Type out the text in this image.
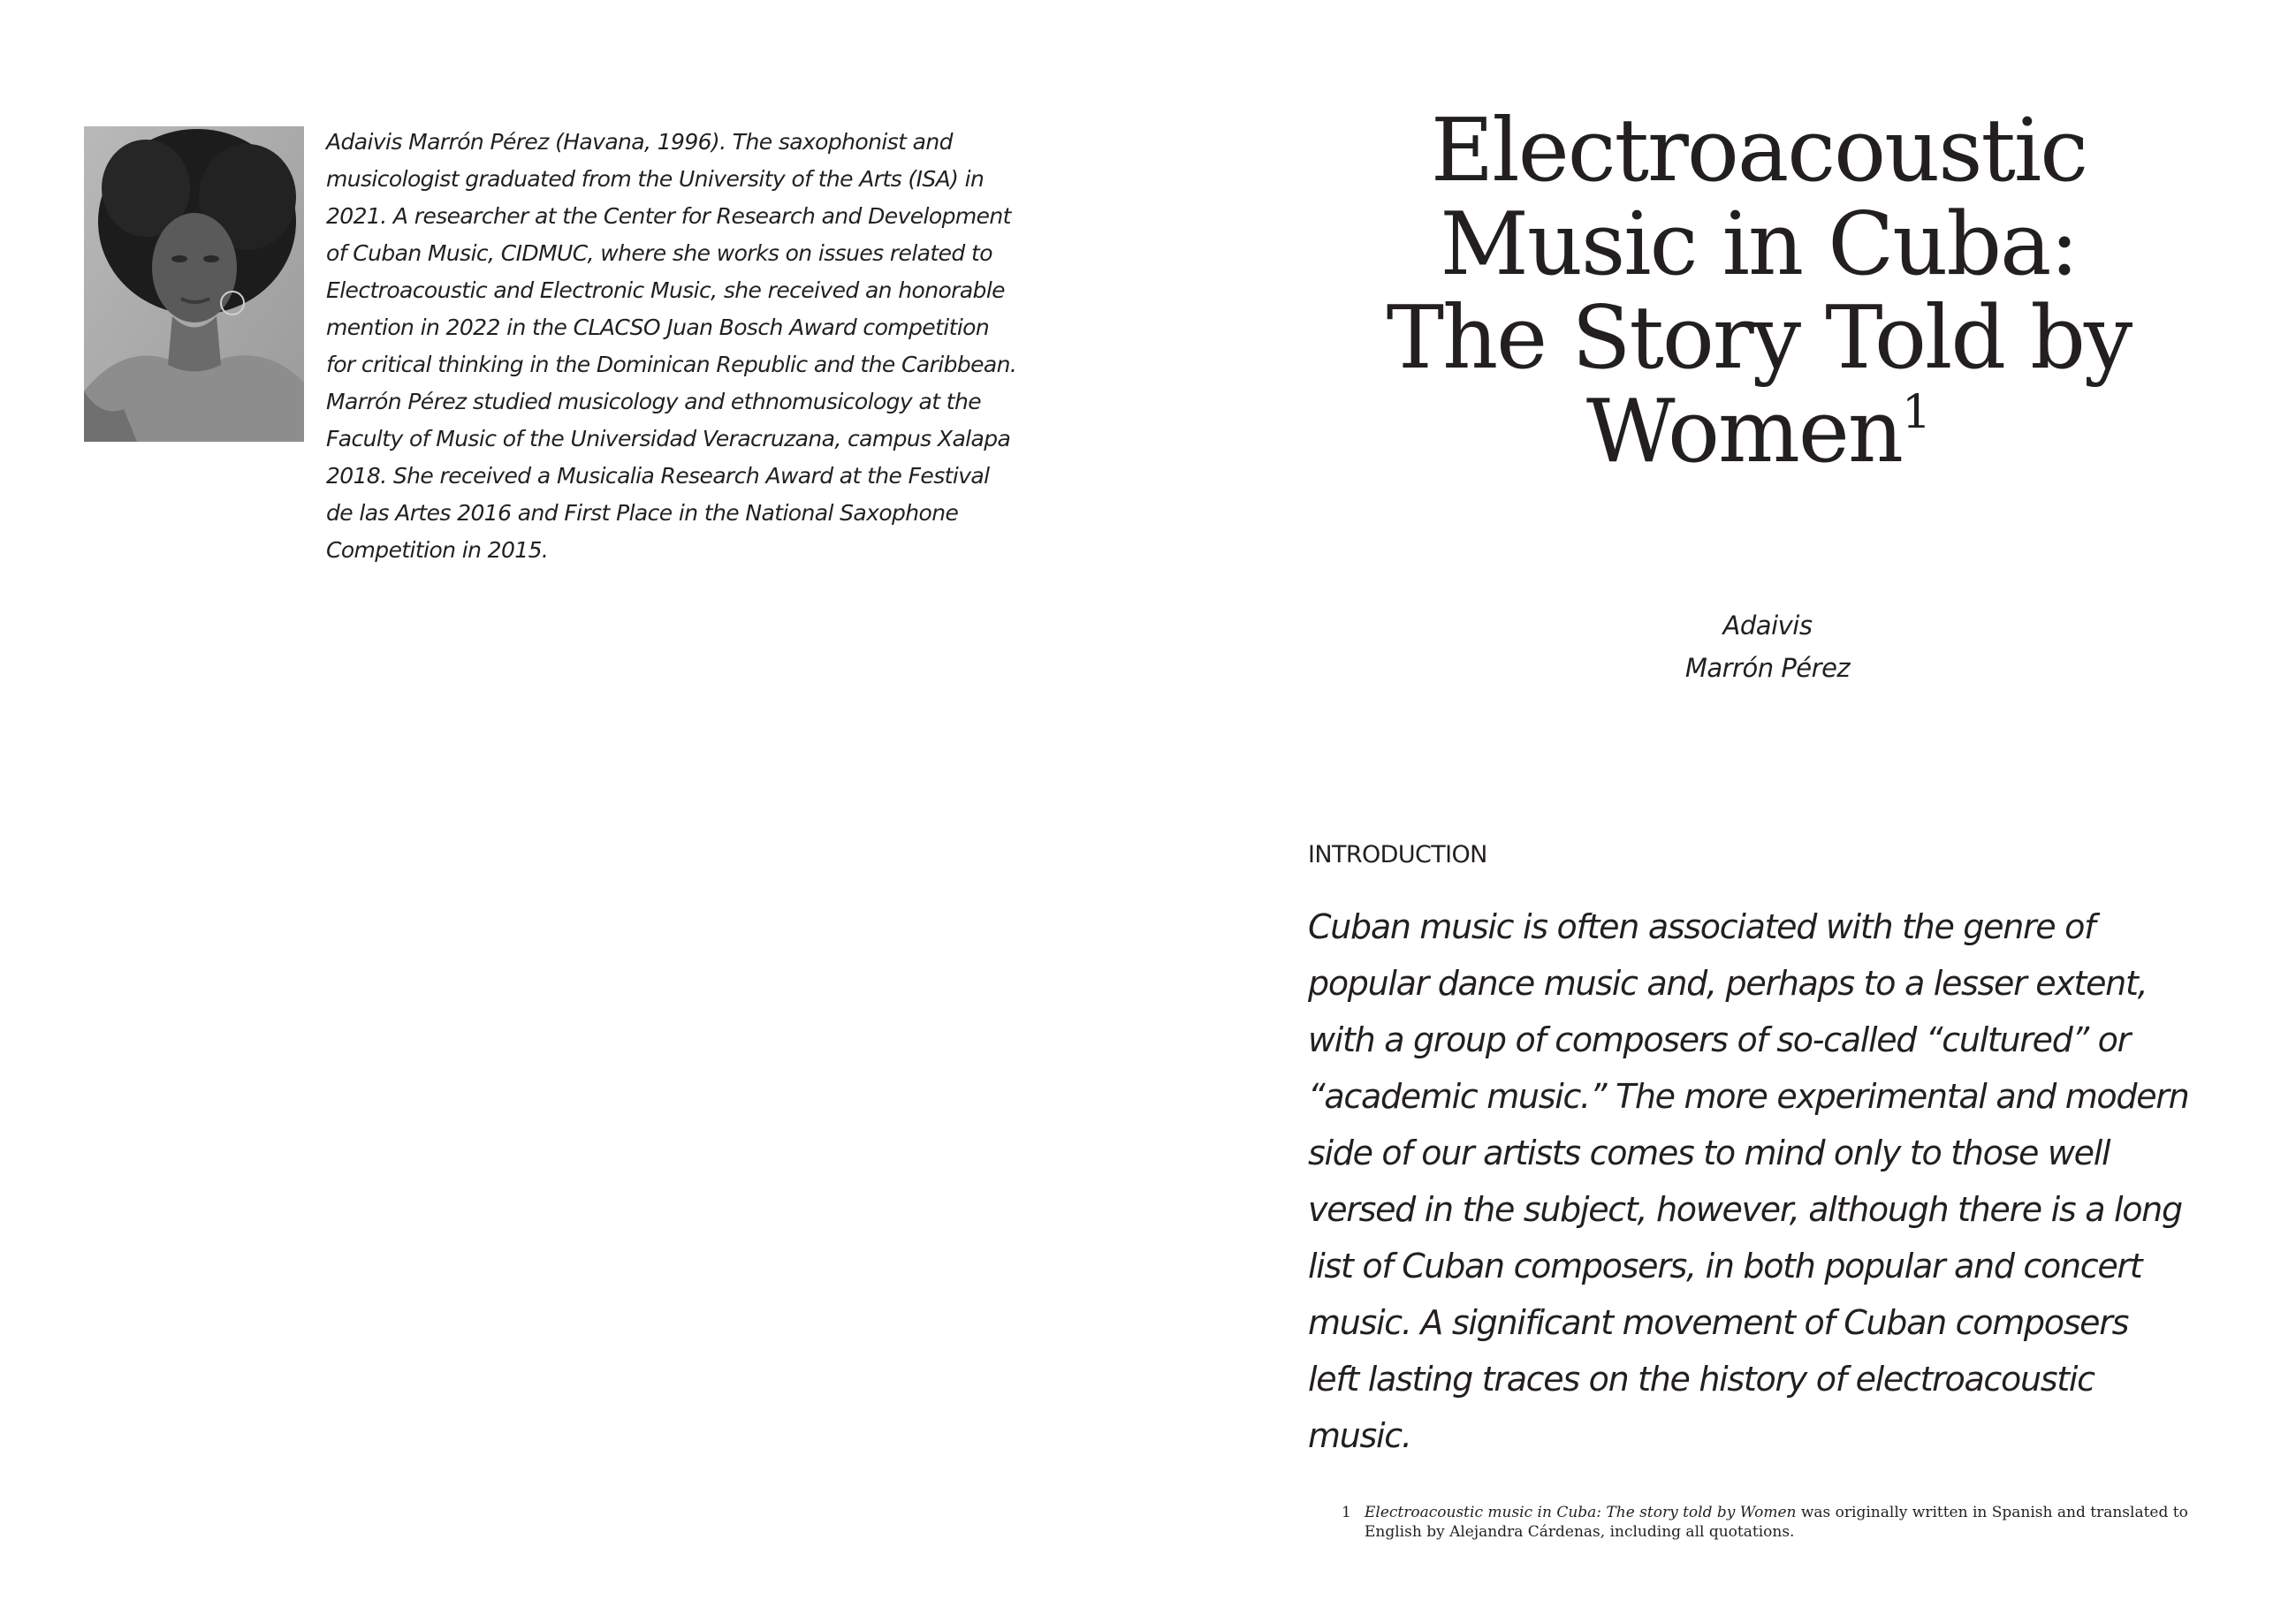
Adaivis Marrón Pérez (Havana, 1996). The saxophonist and
musicologist graduated from the University of the Arts (ISA) in
2021. A researcher at the Center for Research and Development
of Cuban Music, CIDMUC, where she works on issues related to
Electroacoustic and Electronic Music, she received an honorable
mention in 2022 in the CLACSO Juan Bosch Award competition
for critical thinking in the Dominican Republic and the Caribbean.
Marrón Pérez studied musicology and ethnomusicology at the
Faculty of Music of the Universidad Veracruzana, campus Xalapa
2018. She received a Musicalia Research Award at the Festival
de las Artes 2016 and First Place in the National Saxophone
Competition in 2015.
Electroacoustic
Music in Cuba:
The Story Told by
Women$^1$
Adaivis
Marrón Pérez
INTRODUCTION
Cuban music is often associated with the genre of
popular dance music and, perhaps to a lesser extent,
with a group of composers of so-called “cultured” or
“academic music.” The more experimental and modern
side of our artists comes to mind only to those well
versed in the subject, however, although there is a long
list of Cuban composers, in both popular and concert
music. A significant movement of Cuban composers
left lasting traces on the history of electroacoustic
music.
1 Electroacoustic music in Cuba: The story told by Women was originally written in Spanish and translated to
English by Alejandra Cárdenas, including all quotations.
